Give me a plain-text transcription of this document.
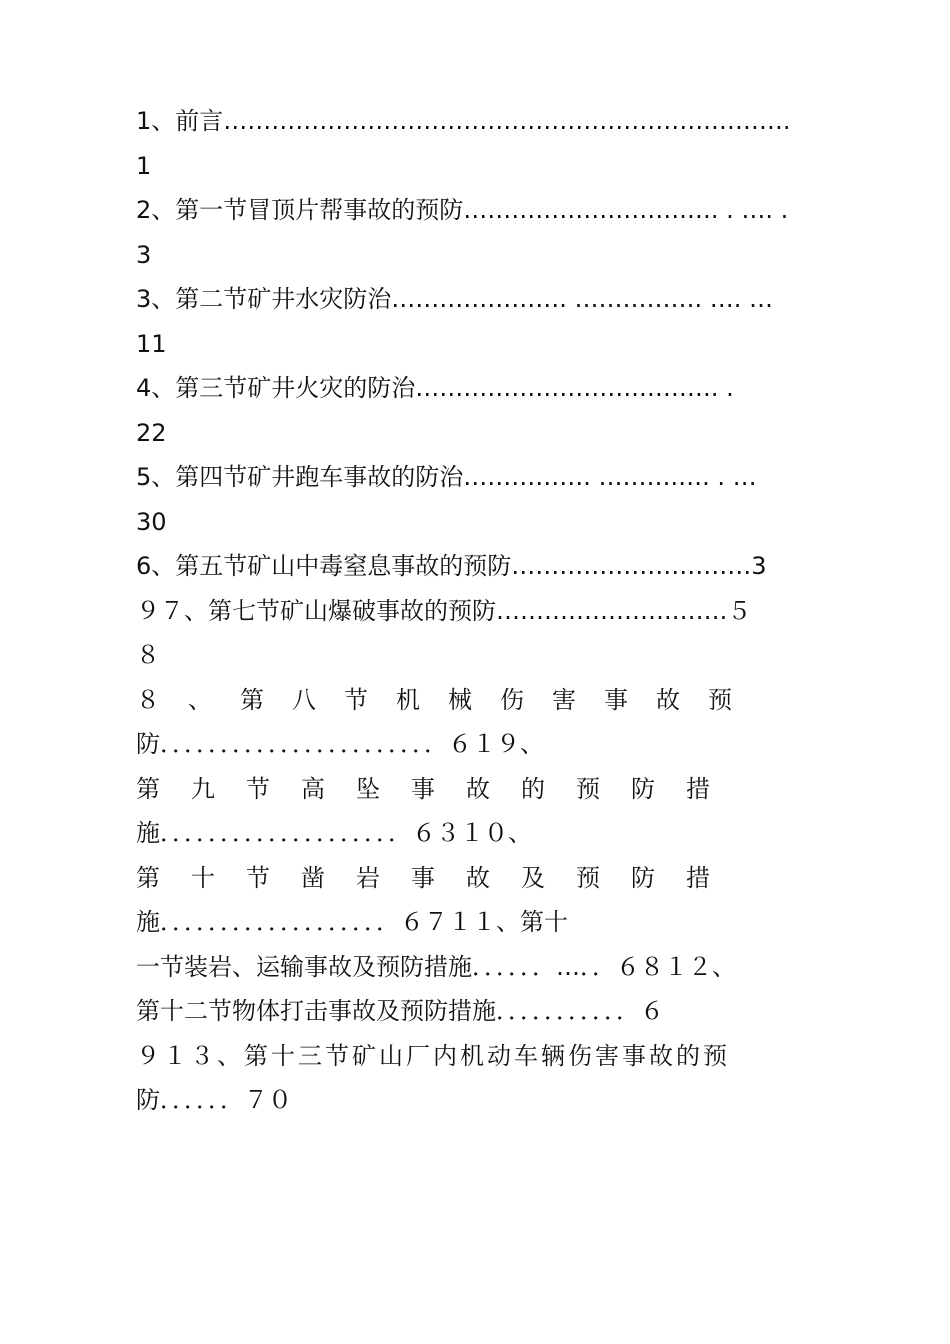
1、前言…………………………………………………….……….
1
2、第一节冒顶片帮事故的预防……………………….…. . …. .
3
3、第二节矿井水灾防治…………………. ……………. …. …
11
4、第三节矿井火灾的防治……………………….………. .
22
5、第四节矿井跑车事故的防治……………. ……….…. . …
30
6、第五节矿山中毒窒息事故的预防…………………………3
９７、第七节矿山爆破事故的预防………………….…….５
８
８、第八节机械伤害事故预
防．．．．．．．．．．．．．．．．．．．．．．．６１９、
第九节高坠事故的预防措
施．．．．．．．．．．．．．．．．．．．．６３１０、
第十节凿岩事故及预防措
施．．．．．．．．．．．．．．．．．．．６７１１、第十
一节装岩、运输事故及预防措施．．．．．．…．．６８１２、
第十二节物体打击事故及预防措施．．．．．．．．．．．６
９１３、第十三节矿山厂内机动车辆伤害事故的预
防．．．．．．７０
